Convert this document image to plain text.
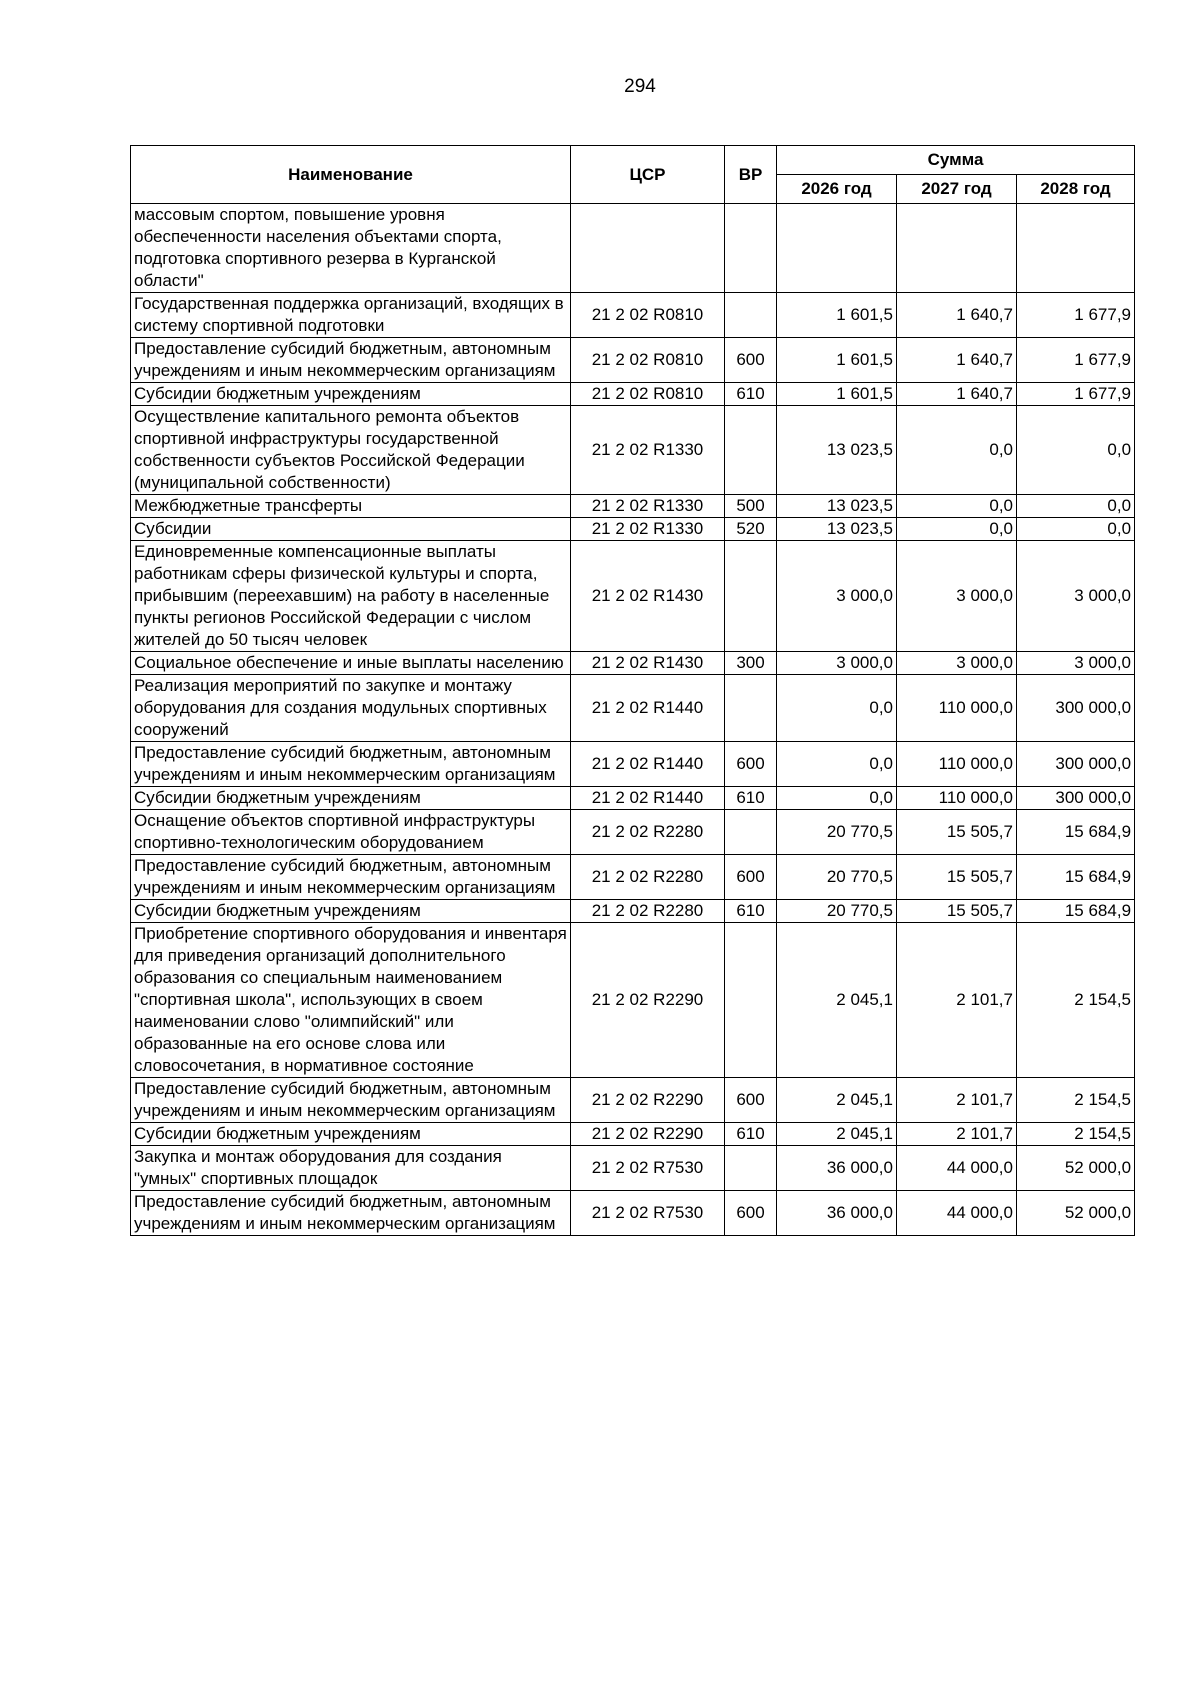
294
Наименование	ЦСР	ВР	Сумма		
			2026 год	2027 год	2028 год
массовым спортом, повышение уровня обеспеченности населения объектами спорта, подготовка спортивного резерва в Курганской области"					
Государственная поддержка организаций, входящих в систему спортивной подготовки	21 2 02 R0810		1 601,5	1 640,7	1 677,9
Предоставление субсидий бюджетным, автономным учреждениям и иным некоммерческим организациям	21 2 02 R0810	600	1 601,5	1 640,7	1 677,9
Субсидии бюджетным учреждениям	21 2 02 R0810	610	1 601,5	1 640,7	1 677,9
Осуществление капитального ремонта объектов спортивной инфраструктуры государственной собственности субъектов Российской Федерации (муниципальной собственности)	21 2 02 R1330		13 023,5	0,0	0,0
Межбюджетные трансферты	21 2 02 R1330	500	13 023,5	0,0	0,0
Субсидии	21 2 02 R1330	520	13 023,5	0,0	0,0
Единовременные компенсационные выплаты работникам сферы физической культуры и спорта, прибывшим (переехавшим) на работу в населенные пункты регионов Российской Федерации с числом жителей до 50 тысяч человек	21 2 02 R1430		3 000,0	3 000,0	3 000,0
Социальное обеспечение и иные выплаты населению	21 2 02 R1430	300	3 000,0	3 000,0	3 000,0
Реализация мероприятий по закупке и монтажу оборудования для создания модульных спортивных сооружений	21 2 02 R1440		0,0	110 000,0	300 000,0
Предоставление субсидий бюджетным, автономным учреждениям и иным некоммерческим организациям	21 2 02 R1440	600	0,0	110 000,0	300 000,0
Субсидии бюджетным учреждениям	21 2 02 R1440	610	0,0	110 000,0	300 000,0
Оснащение объектов спортивной инфраструктуры спортивно-технологическим оборудованием	21 2 02 R2280		20 770,5	15 505,7	15 684,9
Предоставление субсидий бюджетным, автономным учреждениям и иным некоммерческим организациям	21 2 02 R2280	600	20 770,5	15 505,7	15 684,9
Субсидии бюджетным учреждениям	21 2 02 R2280	610	20 770,5	15 505,7	15 684,9
Приобретение спортивного оборудования и инвентаря для приведения организаций дополнительного образования со специальным наименованием "спортивная школа", использующих в своем наименовании слово "олимпийский" или образованные на его основе слова или словосочетания, в нормативное состояние	21 2 02 R2290		2 045,1	2 101,7	2 154,5
Предоставление субсидий бюджетным, автономным учреждениям и иным некоммерческим организациям	21 2 02 R2290	600	2 045,1	2 101,7	2 154,5
Субсидии бюджетным учреждениям	21 2 02 R2290	610	2 045,1	2 101,7	2 154,5
Закупка и монтаж оборудования для создания "умных" спортивных площадок	21 2 02 R7530		36 000,0	44 000,0	52 000,0
Предоставление субсидий бюджетным, автономным учреждениям и иным некоммерческим организациям	21 2 02 R7530	600	36 000,0	44 000,0	52 000,0
